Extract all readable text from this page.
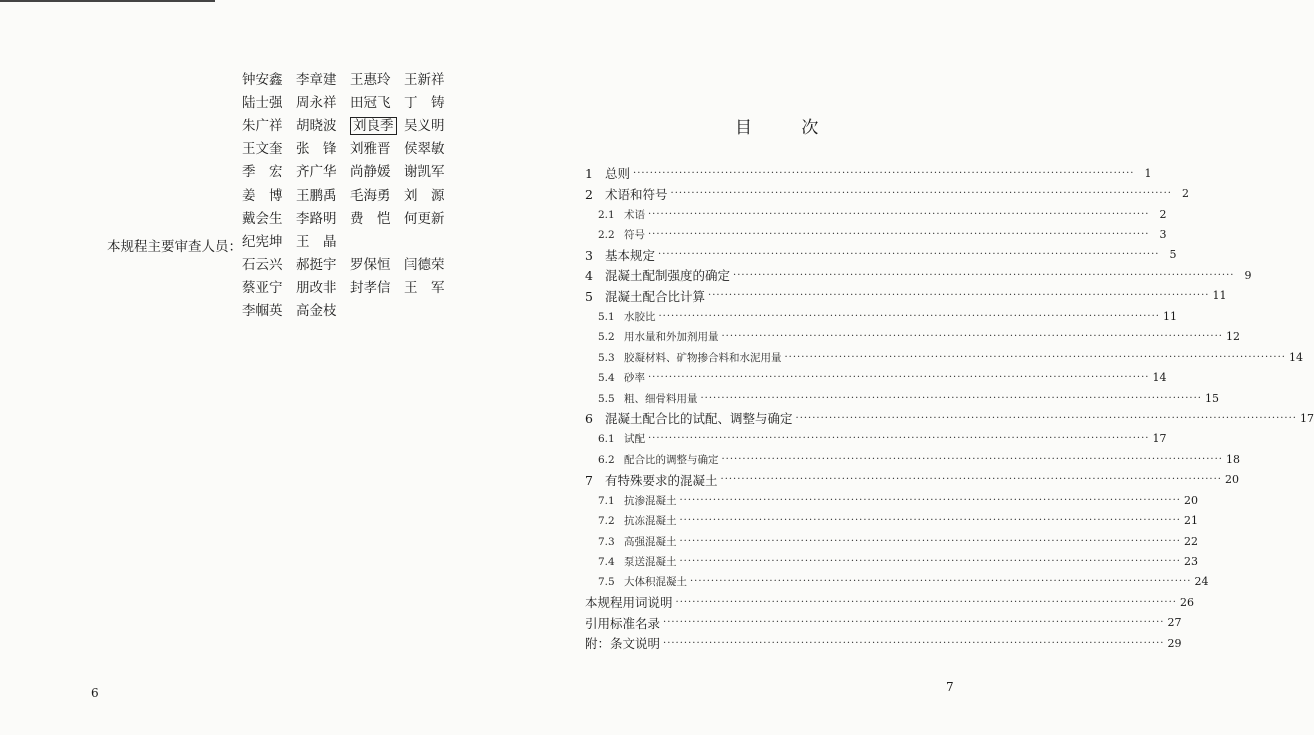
钟安鑫	李章建	王惠玲	王新祥
陆士强	周永祥	田冠飞	丁　铸
朱广祥	胡晓波	刘良季 吴义明
王文奎	张　锋	刘雅晋	侯翠敏
季　宏	齐广华	尚静媛	谢凯军
姜　博	王鹏禹	毛海勇	刘　源
戴会生	李路明	费　恺	何更新
纪宪坤	王　晶
石云兴	郝挺宇	罗保恒	闫德荣
蔡亚宁	朋改非	封孝信	王　军
李帼英	高金枝
本规程主要审查人员：
6
目	次
1 总则 ························································································································ 1
2 术语和符号 ························································································································ 2
2.1 术语 ························································································································ 2
2.2 符号 ························································································································ 3
3 基本规定 ························································································································ 5
4 混凝土配制强度的确定 ························································································································ 9
5 混凝土配合比计算 ························································································································ 11
5.1 水胶比 ························································································································ 11
5.2 用水量和外加剂用量 ························································································································ 12
5.3 胶凝材料、矿物掺合料和水泥用量 ························································································································ 14
5.4 砂率 ························································································································ 14
5.5 粗、细骨料用量 ························································································································ 15
6 混凝土配合比的试配、调整与确定 ························································································································ 17
6.1 试配 ························································································································ 17
6.2 配合比的调整与确定 ························································································································ 18
7 有特殊要求的混凝土 ························································································································ 20
7.1 抗渗混凝土 ························································································································ 20
7.2 抗冻混凝土 ························································································································ 21
7.3 高强混凝土 ························································································································ 22
7.4 泵送混凝土 ························································································································ 23
7.5 大体积混凝土 ························································································································ 24
本规程用词说明 ························································································································ 26
引用标准名录 ························································································································ 27
附：条文说明 ························································································································ 29
7
